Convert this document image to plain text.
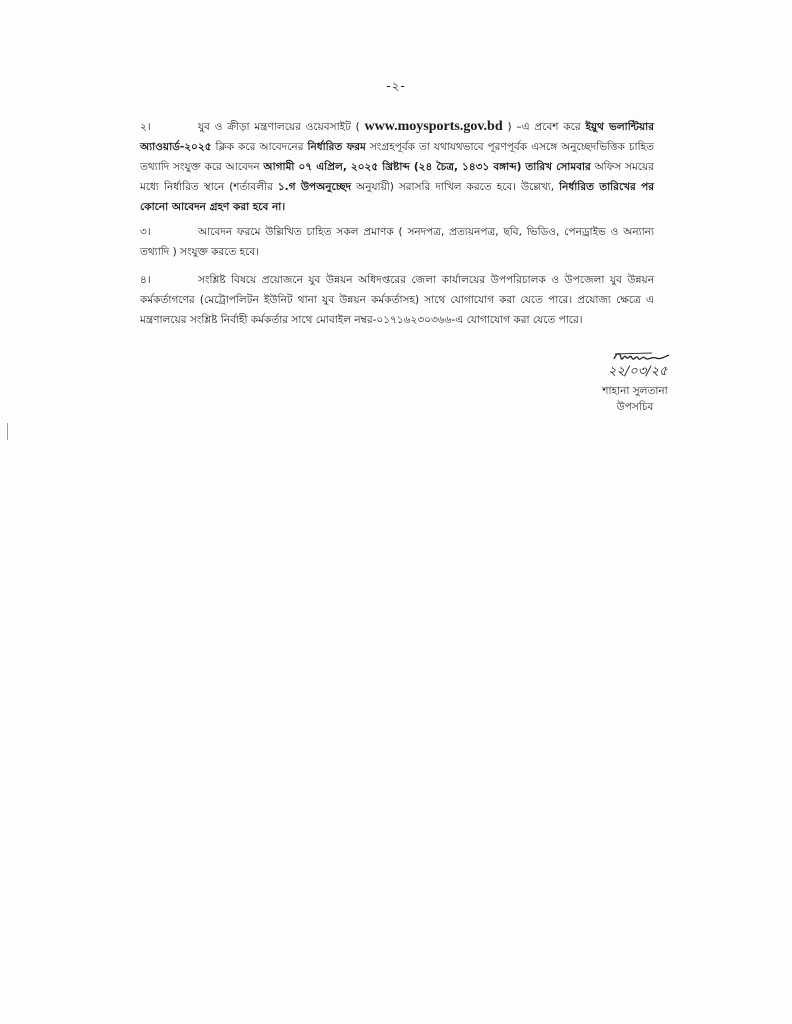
-২-
২।	যুব ও ক্রীড়া মন্ত্রণালয়ের ওয়েবসাইট ( www.moysports.gov.bd ) –এ প্রবেশ করে ইয়ুথ ভলান্টিয়ার অ্যাওয়ার্ড-২০২৫ ক্লিক করে আবেদনের নির্ধারিত ফরম সংগ্রহপূর্বক তা যথাযথভাবে পূরণপূর্বক এসঙ্গে অনুচ্ছেদভিত্তিক চাহিত তথ্যাদি সংযুক্ত করে আবেদন আগামী ০৭ এপ্রিল, ২০২৫ খ্রিষ্টাব্দ (২৪ চৈত্র, ১৪৩১ বঙ্গাব্দ) তারিখ সোমবার অফিস সময়ের মধ্যে নির্ধারিত স্থানে (শর্তাবলীর ১.গ উপঅনুচ্ছেদ অনুযায়ী) সরাসরি দাখিল করতে হবে। উল্লেখ্য, নির্ধারিত তারিখের পর কোনো আবেদন গ্রহণ করা হবে না।
৩।	আবেদন ফরমে উল্লিখিত চাহিত সকল প্রমাণক ( সনদপত্র, প্রত্যয়নপত্র, ছবি, ভিডিও, পেনড্রাইভ ও অন্যান্য তথ্যাদি ) সংযুক্ত করতে হবে।
৪।	সংশ্লিষ্ট বিষয়ে প্রয়োজনে যুব উন্নয়ন অধিদপ্তরের জেলা কার্যালয়ের উপপরিচালক ও উপজেলা যুব উন্নয়ন কর্মকর্তাগণের (মেট্রোপলিটন ইউনিট থানা যুব উন্নয়ন কর্মকর্তাসহ) সাথে যোগাযোগ করা যেতে পারে। প্রযোজ্য ক্ষেত্রে এ মন্ত্রণালয়ের সংশ্লিষ্ট নির্বাহী কর্মকর্তার সাথে মোবাইল নম্বর-০১৭১৬২৩০৩৬৬-এ যোগাযোগ করা যেতে পারে।
২২/০৩/২৫
শাহানা সুলতানা
উপসচিব
